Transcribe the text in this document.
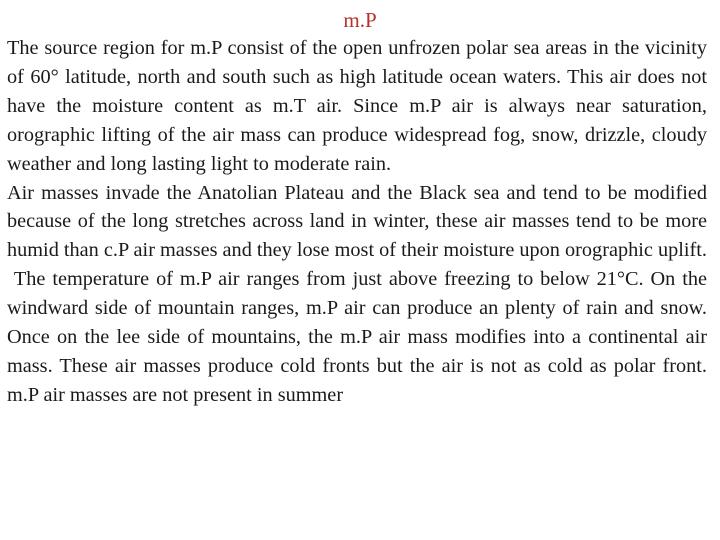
m.P

The source region for m.P consist of the open unfrozen polar sea areas in the vicinity of 60° latitude, north and south such as high latitude ocean waters. This air does not have the moisture content as m.T air. Since m.P air is always near saturation, orographic lifting of the air mass can produce widespread fog, snow, drizzle, cloudy weather and long lasting light to moderate rain.

Air masses invade the Anatolian Plateau and the Black sea and tend to be modified because of the long stretches across land in winter, these air masses tend to be more humid than c.P air masses and they lose most of their moisture upon orographic uplift.

The temperature of m.P air ranges from just above freezing to below 21°C. On the windward side of mountain ranges, m.P air can produce an plenty of rain and snow. Once on the lee side of mountains, the m.P air mass modifies into a continental air mass. These air masses produce cold fronts but the air is not as cold as polar front. m.P air masses are not present in summer
